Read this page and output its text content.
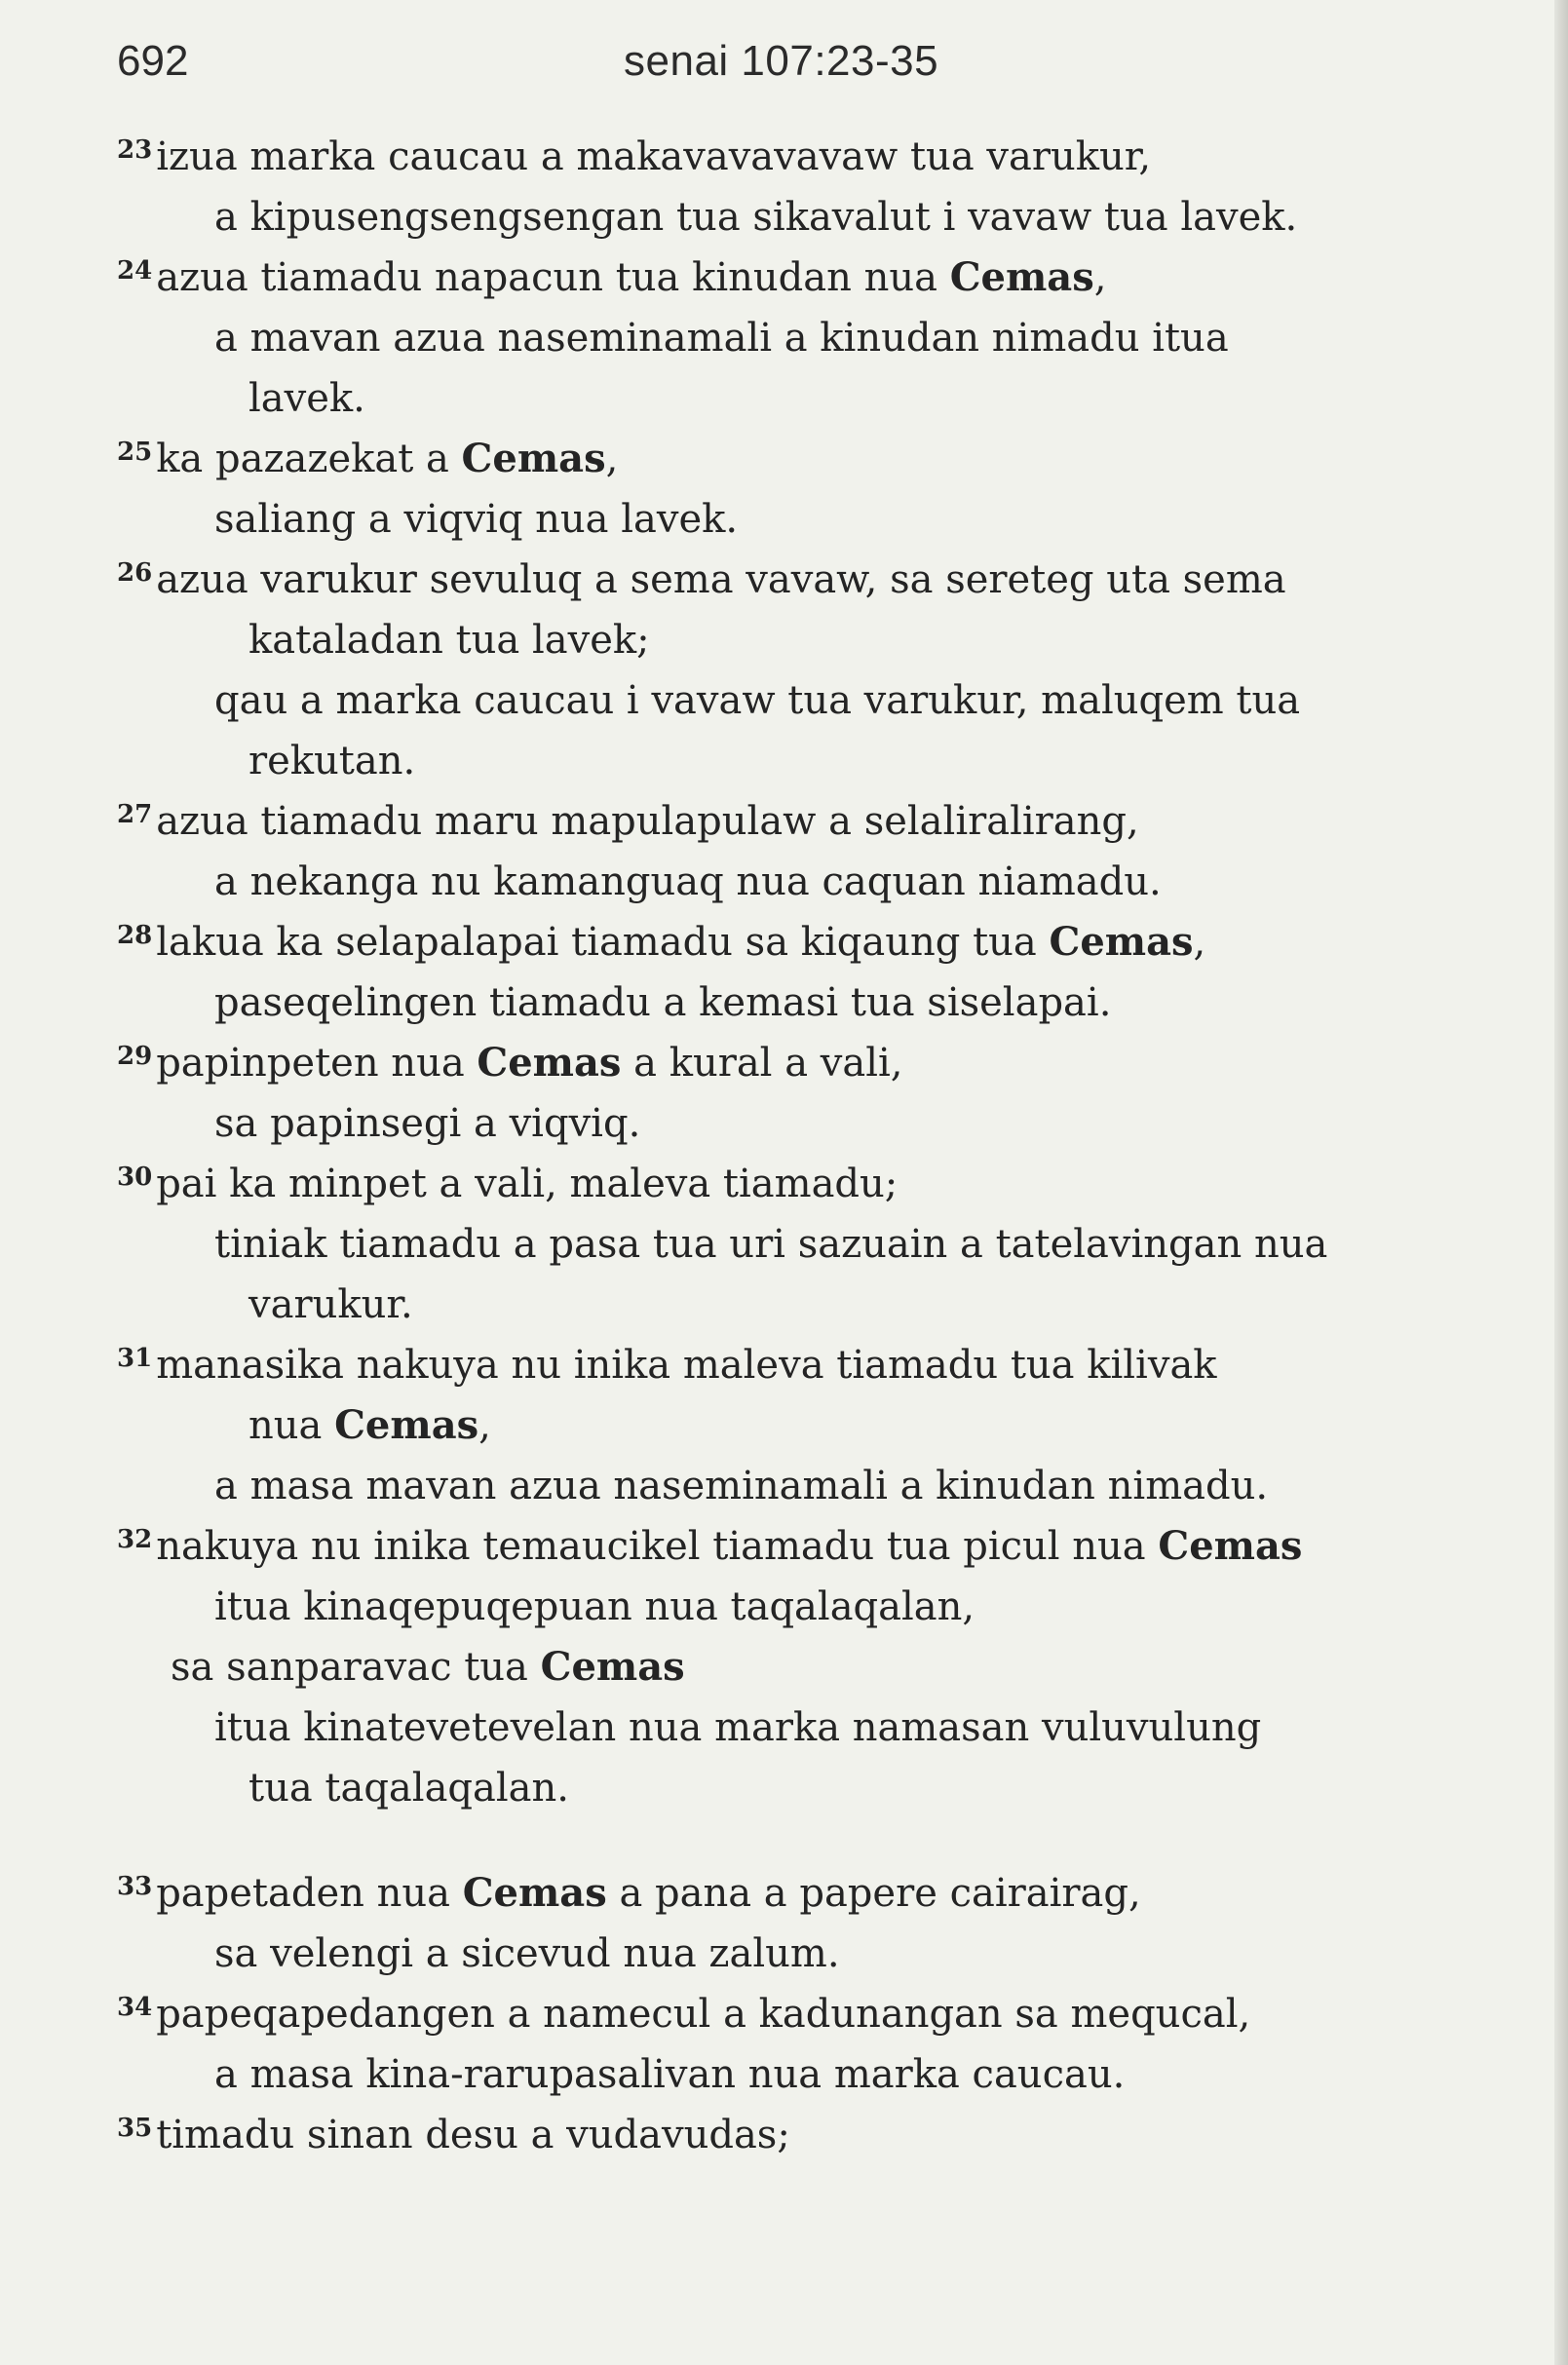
692	senai 107:23-35
23 izua marka caucau a makavavavavaw tua varukur,
a kipusengsengsengan tua sikavalut i vavaw tua lavek.
24 azua tiamadu napacun tua kinudan nua Cemas,
a mavan azua naseminamali a kinudan nimadu itua
lavek.
25 ka pazazekat a Cemas,
saliang a viqviq nua lavek.
26 azua varukur sevuluq a sema vavaw, sa sereteg uta sema
kataladan tua lavek;
qau a marka caucau i vavaw tua varukur, maluqem tua
rekutan.
27 azua tiamadu maru mapulapulaw a selaliralirang,
a nekanga nu kamanguaq nua caquan niamadu.
28 lakua ka selapalapai tiamadu sa kiqaung tua Cemas,
paseqelingen tiamadu a kemasi tua siselapai.
29 papinpeten nua Cemas a kural a vali,
sa papinsegi a viqviq.
30 pai ka minpet a vali, maleva tiamadu;
tiniak tiamadu a pasa tua uri sazuain a tatelavingan nua
varukur.
31 manasika nakuya nu inika maleva tiamadu tua kilivak
nua Cemas,
a masa mavan azua naseminamali a kinudan nimadu.
32 nakuya nu inika temaucikel tiamadu tua picul nua Cemas
itua kinaqepuqepuan nua taqalaqalan,
sa sanparavac tua Cemas
itua kinatevetevelan nua marka namasan vuluvulung
tua taqalaqalan.
33 papetaden nua Cemas a pana a papere cairairag,
sa velengi a sicevud nua zalum.
34 papeqapedangen a namecul a kadunangan sa mequcal,
a masa kina-rarupasalivan nua marka caucau.
35 timadu sinan desu a vudavudas;
